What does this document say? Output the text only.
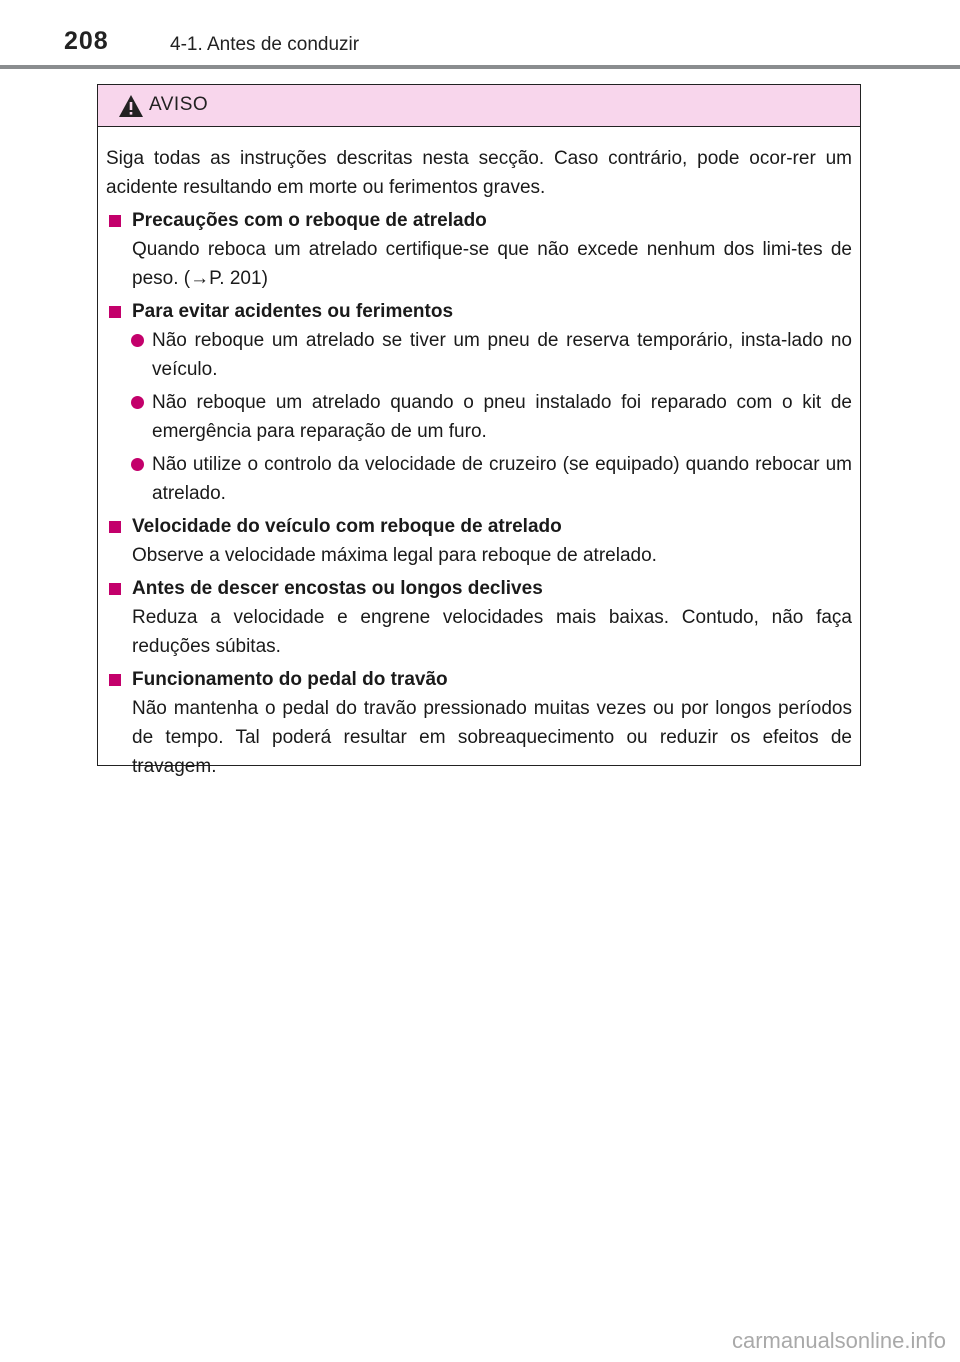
208	4-1. Antes de conduzir
AVISO
Siga todas as instruções descritas nesta secção. Caso contrário, pode ocor-rer um acidente resultando em morte ou ferimentos graves.
Precauções com o reboque de atrelado
Quando reboca um atrelado certifique-se que não excede nenhum dos limi-tes de peso. (→P. 201)
Para evitar acidentes ou ferimentos
Não reboque um atrelado se tiver um pneu de reserva temporário, insta-lado no veículo.
Não reboque um atrelado quando o pneu instalado foi reparado com o kit de emergência para reparação de um furo.
Não utilize o controlo da velocidade de cruzeiro (se equipado) quando rebocar um atrelado.
Velocidade do veículo com reboque de atrelado
Observe a velocidade máxima legal para reboque de atrelado.
Antes de descer encostas ou longos declives
Reduza a velocidade e engrene velocidades mais baixas. Contudo, não faça reduções súbitas.
Funcionamento do pedal do travão
Não mantenha o pedal do travão pressionado muitas vezes ou por longos períodos de tempo. Tal poderá resultar em sobreaquecimento ou reduzir os efeitos de travagem.
carmanualsonline.info
